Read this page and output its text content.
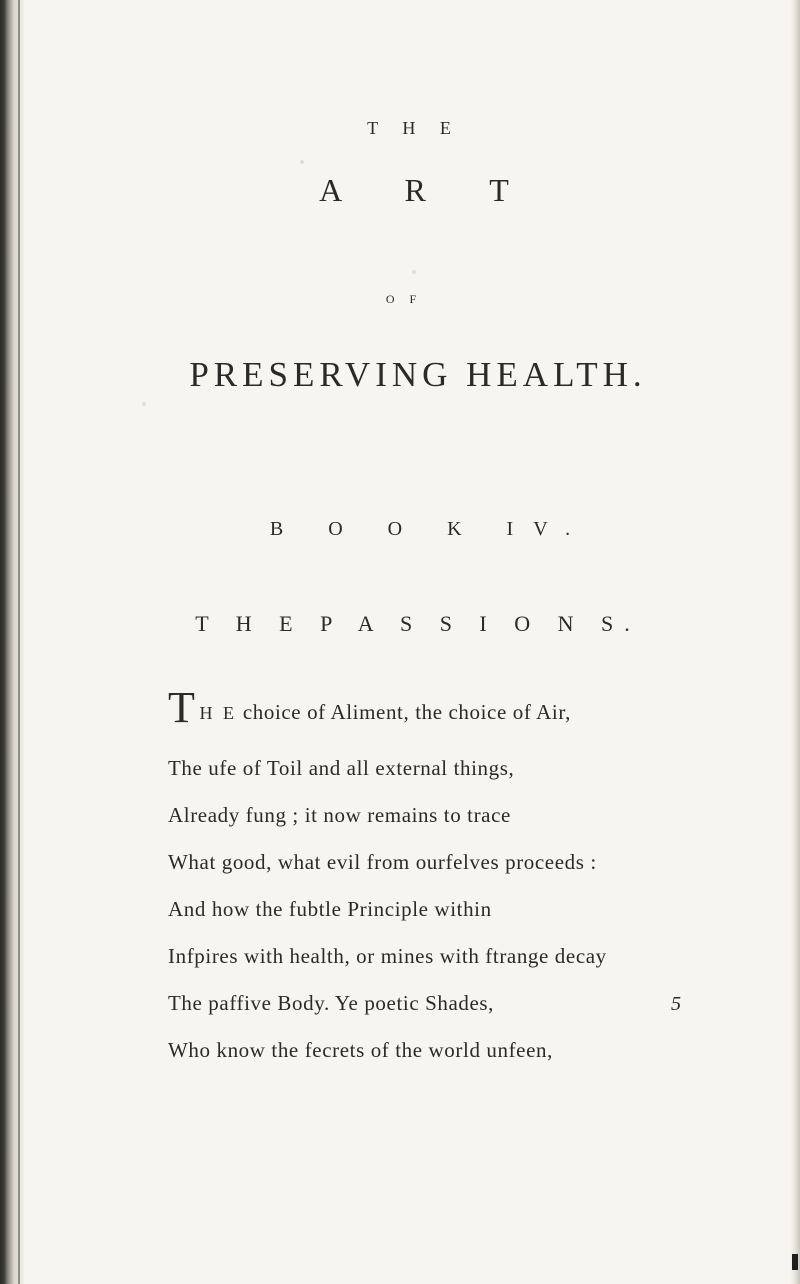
T H E
A R T
O F
PRESERVING HEALTH.
B O O K IV.
T H E P A S S I O N S.
T H E choice of Aliment, the choice of Air,
The ufe of Toil and all external things,
Already fung ; it now remains to trace
What good, what evil from ourfelves proceeds :
And how the fubtle Principle within
Infpires with health, or mines with ftrange decay
The paffive Body. Ye poetic Shades,
Who know the fecrets of the world unfeen,
5
